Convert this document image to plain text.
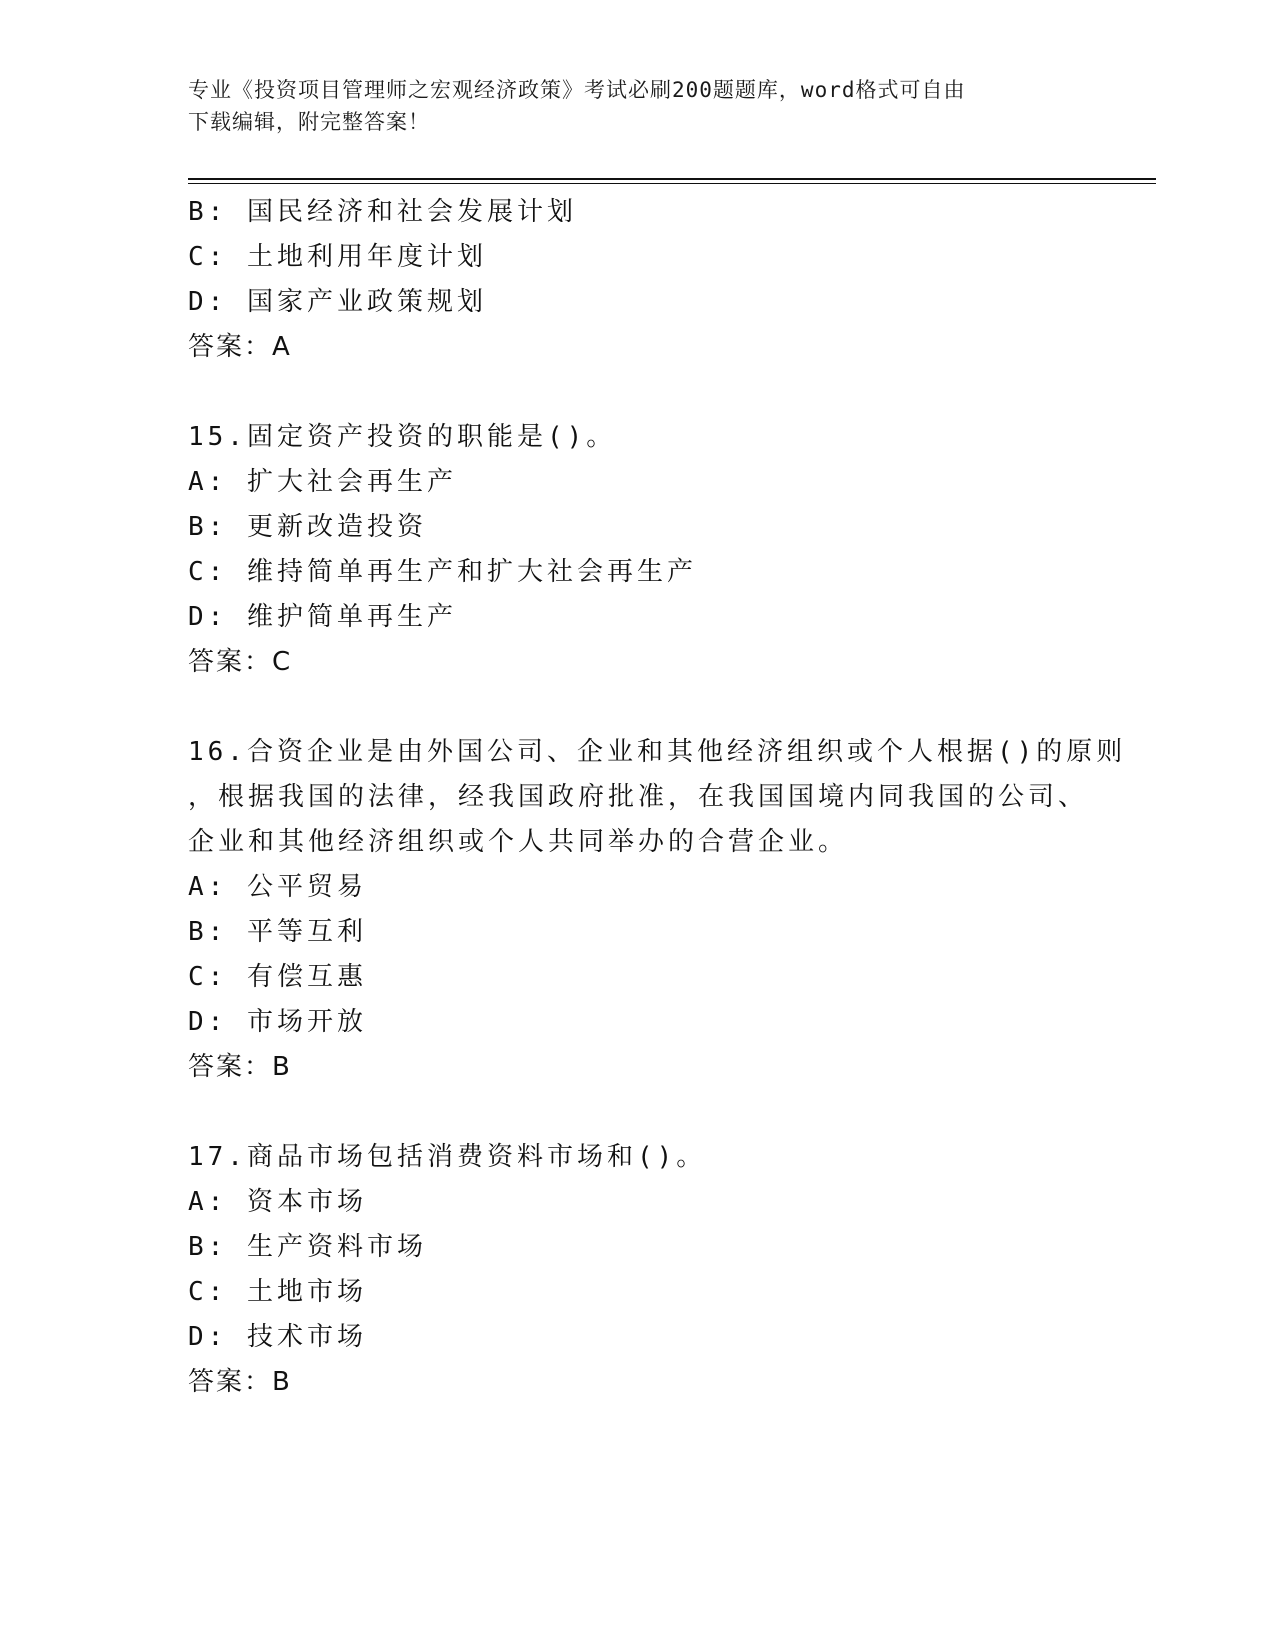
专业《投资项目管理师之宏观经济政策》考试必刷200题题库，word格式可自由
下载编辑，附完整答案！
B: 国民经济和社会发展计划
C: 土地利用年度计划
D: 国家产业政策规划
答案：A
15.固定资产投资的职能是()。
A: 扩大社会再生产
B: 更新改造投资
C: 维持简单再生产和扩大社会再生产
D: 维护简单再生产
答案：C
16.合资企业是由外国公司、企业和其他经济组织或个人根据()的原则
，根据我国的法律，经我国政府批准，在我国国境内同我国的公司、
企业和其他经济组织或个人共同举办的合营企业。
A: 公平贸易
B: 平等互利
C: 有偿互惠
D: 市场开放
答案：B
17.商品市场包括消费资料市场和()。
A: 资本市场
B: 生产资料市场
C: 土地市场
D: 技术市场
答案：B
